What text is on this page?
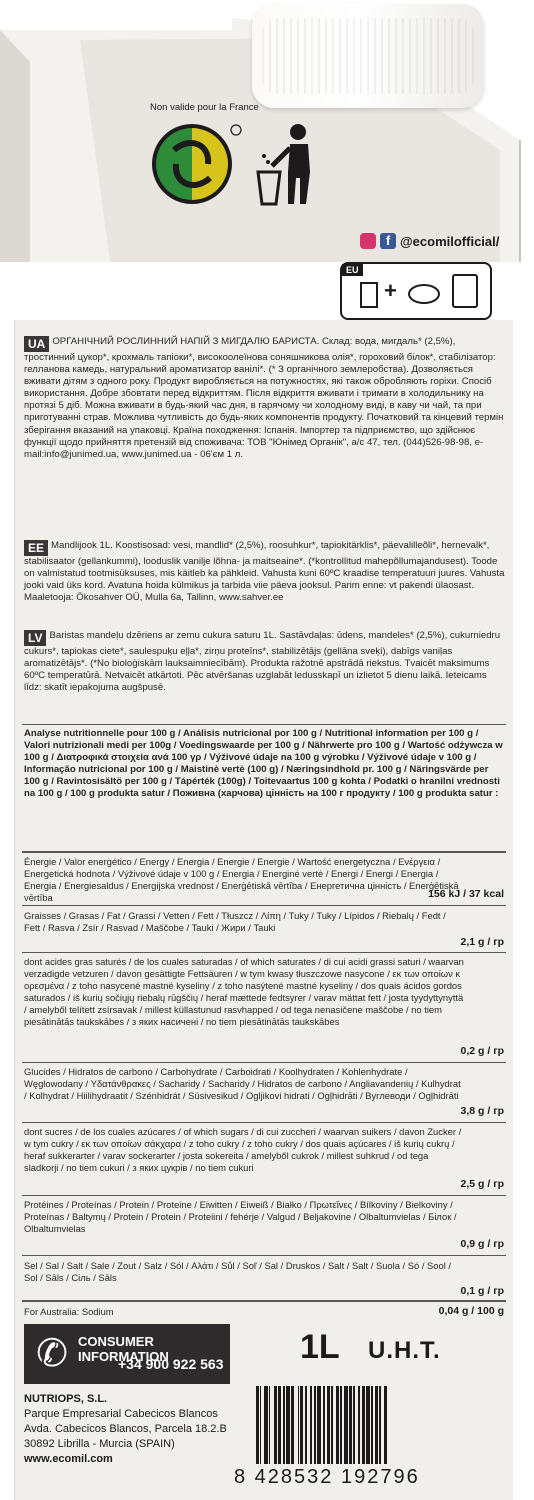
Non valide pour la France
f @ecomilofficial/
EU
+
UA ОРГАНІЧНИЙ РОСЛИННИЙ НАПІЙ З МИГДАЛЮ БАРИСТА. Склад: вода, мигдаль* (2,5%), тростинний цукор*, крохмаль тапіоки*, високоолеїнова соняшникова олія*, гороховий білок*, стабілізатор: гелланова камедь, натуральний ароматизатор ванілі*. (* З органічного землеробства). Дозволяється вживати дітям з одного року. Продукт виробляється на потужностях, які також обробляють горіхи. Спосіб використання. Добре збовтати перед відкриттям. Після відкриття вживати і тримати в холодильнику на протязі 5 діб. Можна вживати в будь-який час дня, в гарячому чи холодному виді, в каву чи чай, та при приготуванні страв. Можлива чутливість до будь-яких компонентів продукту. Початковий та кінцевий термін зберігання вказаний на упаковці. Країна походження: Іспанія. Імпортер та підприємство, що здійснює функції щодо прийняття претензій від споживача: ТОВ "Юнімед Органік", а/с 47, тел. (044)526-98-98, e-mail:info@junimed.ua, www.junimed.ua - 06'єм 1 л.
EE Mandlijook 1L. Koostisosad: vesi, mandlid* (2,5%), roosuhkur*, tapiokitärklis*, päevalilleõli*, hernevalk*, stabilisaator (gellankummi), looduslik vanilje lõhna- ja maitseaine*. (*kontrollitud mahepõllumajandusest). Toode on valmistatud tootmisüksuses, mis käitleb ka pähkleid. Vahusta kuni 60ºC kraadise temperatuuri juures. Vahusta jooki vaid üks kord. Avatuna hoida külmikus ja tarbida viie päeva jooksul. Parim enne: vt pakendi ülaosast. Maaletooja: Ökosahver OÜ, Mulla 6a, Tallinn, www.sahver.ee
LV Baristas mandeļu dzēriens ar zemu cukura saturu 1L. Sastāvdaļas: ūdens, mandeles* (2,5%), cukurniedru cukurs*, tapiokas ciete*, saulespuķu eļļa*, zirņu proteīns*, stabilizētājs (gellāna sveķi), dabīgs vaniļas aromatizētājs*. (*No bioloģiskām lauksaimniecībām). Produkta ražotnē apstrādā riekstus. Tvaicēt maksimums 60ºC temperatūrā. Netvaicēt atkārtoti. Pēc atvēršanas uzglabāt ledusskapī un izlietot 5 dienu laikā. Ieteicams līdz: skatīt iepakojuma augšpusē.
Analyse nutritionnelle pour 100 g / Análisis nutricional por 100 g / Nutritional information per 100 g / Valori nutrizionali medi per 100g / Voedingswaarde per 100 g / Nährwerte pro 100 g / Wartość odżywcza w 100 g / Διατροφικά στοιχεία ανά 100 γρ / Výživové údaje na 100 g výrobku / Výživové údaje v 100 g / Informação nutricional por 100 g / Maistinė vertė (100 g) / Næringsindhold pr. 100 g / Näringsvärde per 100 g / Ravintosisältö per 100 g / Tápérték (100g) / Toitevaartus 100 g kohta / Podatki o hranilni vrednosti na 100 g / 100 g produkta satur / Поживна (харчова) цінність на 100 г продукту / 100 g produkta satur :
Énergie / Valor energético / Energy / Energia / Energie / Energie / Wartość energetyczna / Ενέργεια / Energetická hodnota / Výživové údaje v 100 g / Energia / Energinė vertė / Energi / Energi / Energia / Energia / Energiesaldus / Energijska vrednost / Enerģētiskā vērtība / Енергетична цінність / Enerģētiskā vērtība	156 kJ / 37 kcal
Graisses / Grasas / Fat / Grassi / Vetten / Fett / Tłuszcz / Λίπη / Tuky / Tuky / Lípidos / Riebalų / Fedt / Fett / Rasva / Zsír / Rasvad / Maščobe / Tauki / Жири / Tauki
2,1 g / гр
dont acides gras saturés / de los cuales saturadas / of which saturates / di cui acidi grassi saturi / waarvan verzadigde vetzuren / davon gesättigte Fettsäuren / w tym kwasy tłuszczowe nasycone / εκ των οποίων κ ορεσμένα / z toho nasycené mastné kyseliny / z toho nasýtené mastné kyseliny / dos quais ácidos gordos saturados / iš kurių sočiųjų riebalų rūgščių / heraf mættede fedtsyrer / varav mättat fett / josta tyydyttynyttä / amelyből telített zsírsavak / millest küllastunud rasvhapped / od tega nenasičene maščobe / no tiem piesātinātās taukskābes / з яких насичені / no tiem piesātinātās taukskābes
0,2 g / гр
Glucides / Hidratos de carbono / Carbohydrate / Carboidrati / Koolhydraten / Kohlenhydrate / Węglowodany / Υδατάνθρακες / Sacharidy / Sacharidy / Hidratos de carbono / Angliavandenių / Kulhydrat / Kolhydrat / Hiilihydraatit / Szénhidrát / Süsivesikud / Ogljikovi hidrati / Ogļhidrāti / Вуглеводи / Ogļhidrāti
3,8 g / гр
dont sucres / de los cuales azúcares / of which sugars / di cui zuccheri / waarvan suikers / davon Zucker / w tym cukry / εκ των οποίων σάκχαρα / z toho cukry / z toho cukry / dos quais açúcares / iš kurių cukrų / heraf sukkerarter / varav sockerarter / josta sokereita / amelyből cukrok / millest suhkrud / od tega sladkorji / no tiem cukuri / з яких цукрів / no tiem cukuri
2,5 g / гр
Protéines / Proteínas / Protein / Proteine / Eiwitten / Eiweiß / Białko / Πρωτεΐνες / Bílkoviny / Bielkoviny / Proteínas / Baltymų / Protein / Protein / Proteiini / fehérje / Valgud / Beljakovine / Olbaltumvielas / Білок / Olbaltumvielas
0,9 g / гр
Sel / Sal / Salt / Sale / Zout / Salz / Sól / Αλάτι / Sůl / Soľ / Sal / Druskos / Salt / Salt / Suola / Só / Sool / Sol / Sāls / Сіль / Sāls
0,1 g / гр
For Australia: Sodium	0,04 g / 100 g
✆ CONSUMER INFORMATION
+34 900 922 563 1L U.H.T.
NUTRIOPS, S.L.
Parque Empresarial Cabecicos Blancos
Avda. Cabecicos Blancos, Parcela 18.2.B
30892 Librilla - Murcia (SPAIN)
www.ecomil.com
8 428532 192796
